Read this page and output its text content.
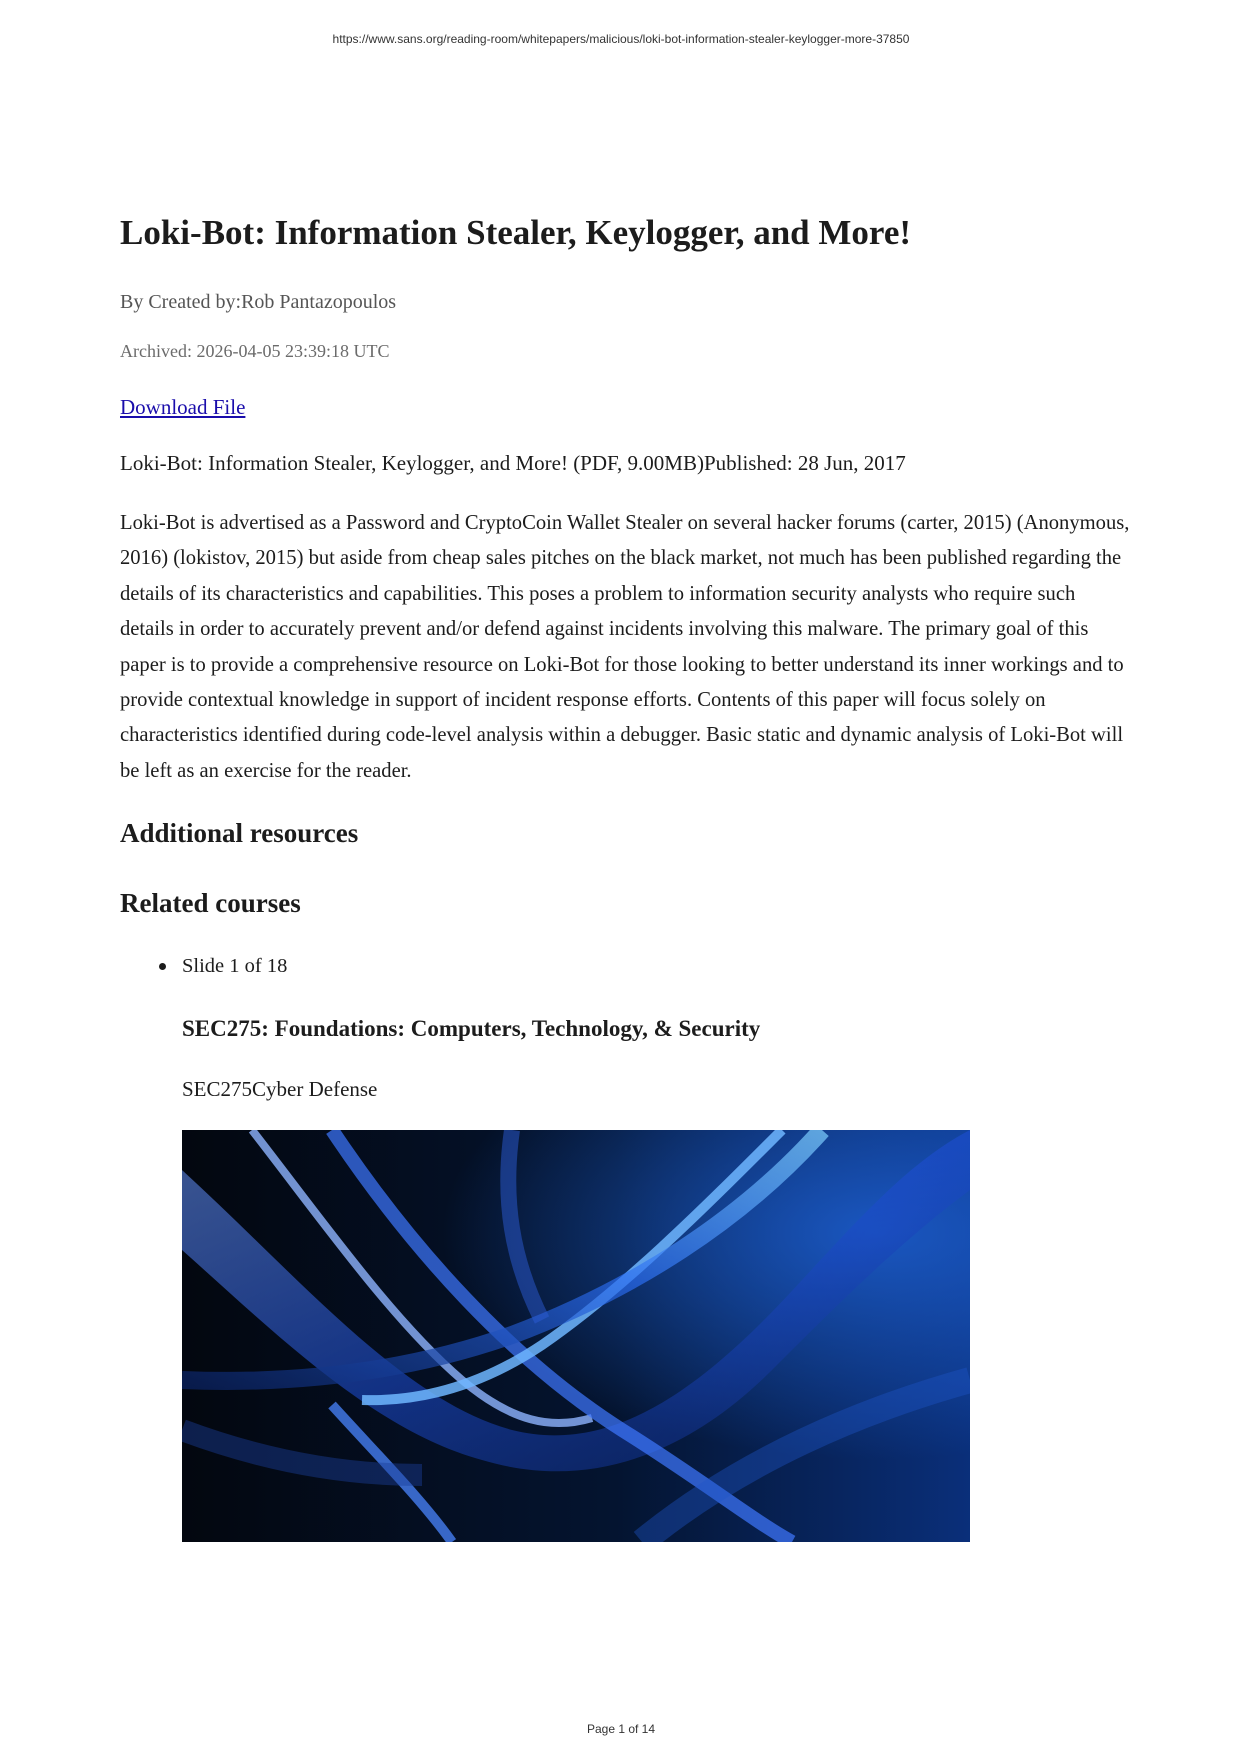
https://www.sans.org/reading-room/whitepapers/malicious/loki-bot-information-stealer-keylogger-more-37850
Loki-Bot: Information Stealer, Keylogger, and More!
By Created by:Rob Pantazopoulos
Archived: 2026-04-05 23:39:18 UTC
Download File
Loki-Bot: Information Stealer, Keylogger, and More! (PDF, 9.00MB)Published: 28 Jun, 2017

Loki-Bot is advertised as a Password and CryptoCoin Wallet Stealer on several hacker forums (carter, 2015) (Anonymous, 2016) (lokistov, 2015) but aside from cheap sales pitches on the black market, not much has been published regarding the details of its characteristics and capabilities. This poses a problem to information security analysts who require such details in order to accurately prevent and/or defend against incidents involving this malware. The primary goal of this paper is to provide a comprehensive resource on Loki-Bot for those looking to better understand its inner workings and to provide contextual knowledge in support of incident response efforts. Contents of this paper will focus solely on characteristics identified during code-level analysis within a debugger. Basic static and dynamic analysis of Loki-Bot will be left as an exercise for the reader.

Additional resources
Related courses
Slide 1 of 18
SEC275: Foundations: Computers, Technology, & Security
SEC275Cyber Defense
Page 1 of 14
